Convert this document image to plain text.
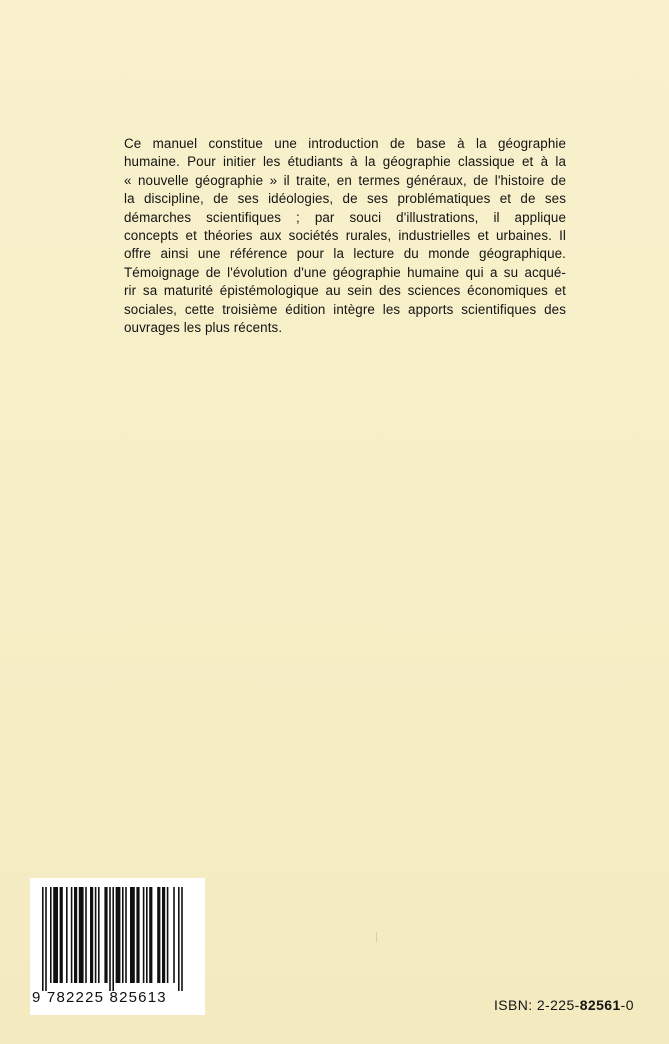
Ce manuel constitue une introduction de base à la géographie
humaine. Pour initier les étudiants à la géographie classique et à la
« nouvelle géographie » il traite, en termes généraux, de l'histoire de
la discipline, de ses idéologies, de ses problématiques et de ses
démarches scientifiques ; par souci d'illustrations, il applique
concepts et théories aux sociétés rurales, industrielles et urbaines. Il
offre ainsi une référence pour la lecture du monde géographique.
Témoignage de l'évolution d'une géographie humaine qui a su acqué-
rir sa maturité épistémologique au sein des sciences économiques et
sociales, cette troisième édition intègre les apports scientifiques des
ouvrages les plus récents.
9 782225 825613	ISBN: 2-225-82561-0
